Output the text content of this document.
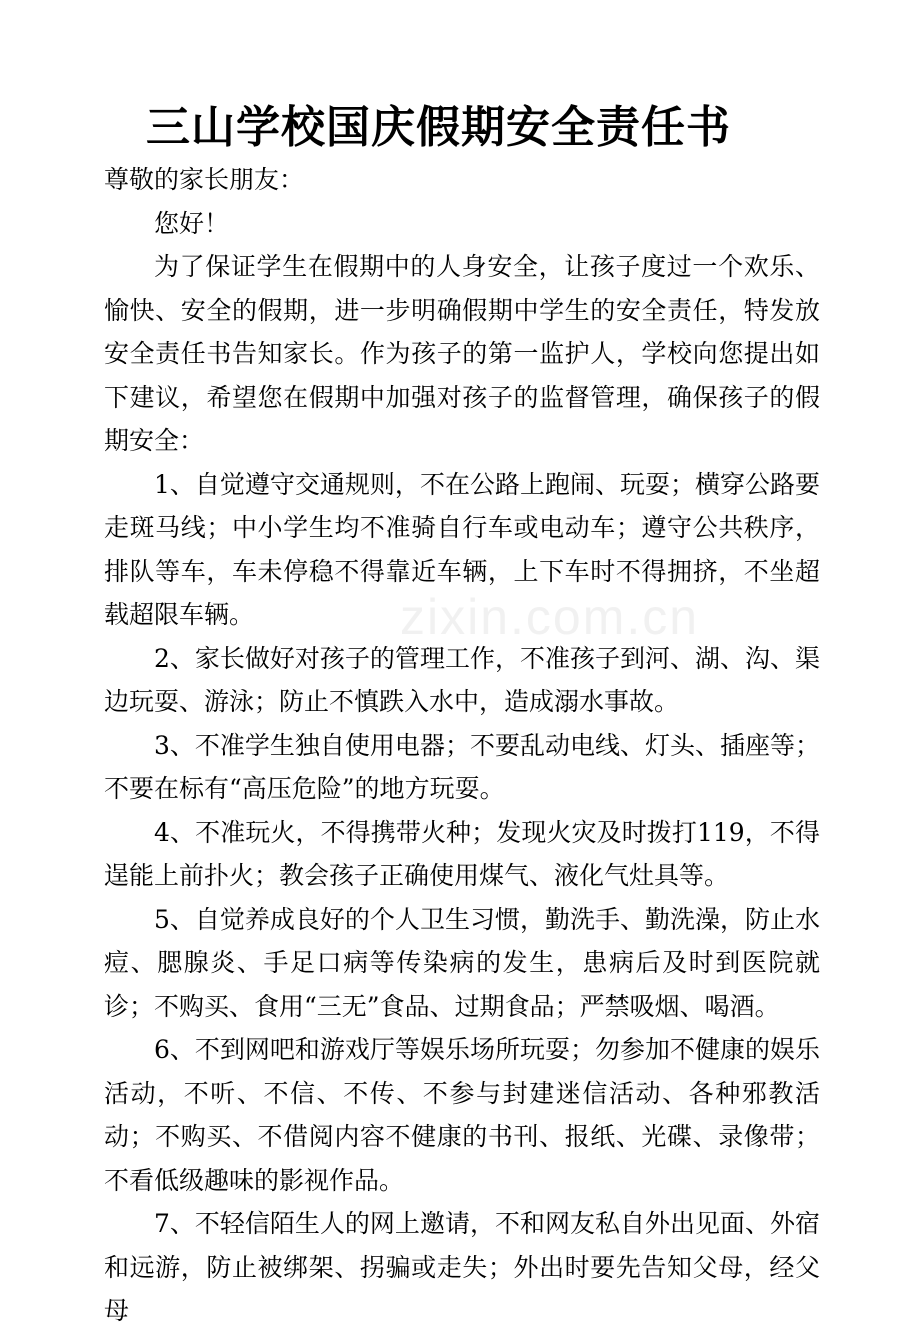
三山学校国庆假期安全责任书

尊敬的家长朋友：

您好！

为了保证学生在假期中的人身安全，让孩子度过一个欢乐、愉快、安全的假期，进一步明确假期中学生的安全责任，特发放安全责任书告知家长。作为孩子的第一监护人，学校向您提出如下建议，希望您在假期中加强对孩子的监督管理，确保孩子的假期安全：

1、自觉遵守交通规则，不在公路上跑闹、玩耍；横穿公路要走斑马线；中小学生均不准骑自行车或电动车；遵守公共秩序，排队等车，车未停稳不得靠近车辆，上下车时不得拥挤，不坐超载超限车辆。

2、家长做好对孩子的管理工作，不准孩子到河、湖、沟、渠边玩耍、游泳；防止不慎跌入水中，造成溺水事故。

3、不准学生独自使用电器；不要乱动电线、灯头、插座等；不要在标有“高压危险”的地方玩耍。

4、不准玩火，不得携带火种；发现火灾及时拨打119，不得逞能上前扑火；教会孩子正确使用煤气、液化气灶具等。

5、自觉养成良好的个人卫生习惯，勤洗手、勤洗澡，防止水痘、腮腺炎、手足口病等传染病的发生，患病后及时到医院就诊；不购买、食用“三无”食品、过期食品；严禁吸烟、喝酒。

6、不到网吧和游戏厅等娱乐场所玩耍；勿参加不健康的娱乐活动，不听、不信、不传、不参与封建迷信活动、各种邪教活动；不购买、不借阅内容不健康的书刊、报纸、光碟、录像带；不看低级趣味的影视作品。

7、不轻信陌生人的网上邀请，不和网友私自外出见面、外宿和远游，防止被绑架、拐骗或走失；外出时要先告知父母，经父母

zixin.com.cn
